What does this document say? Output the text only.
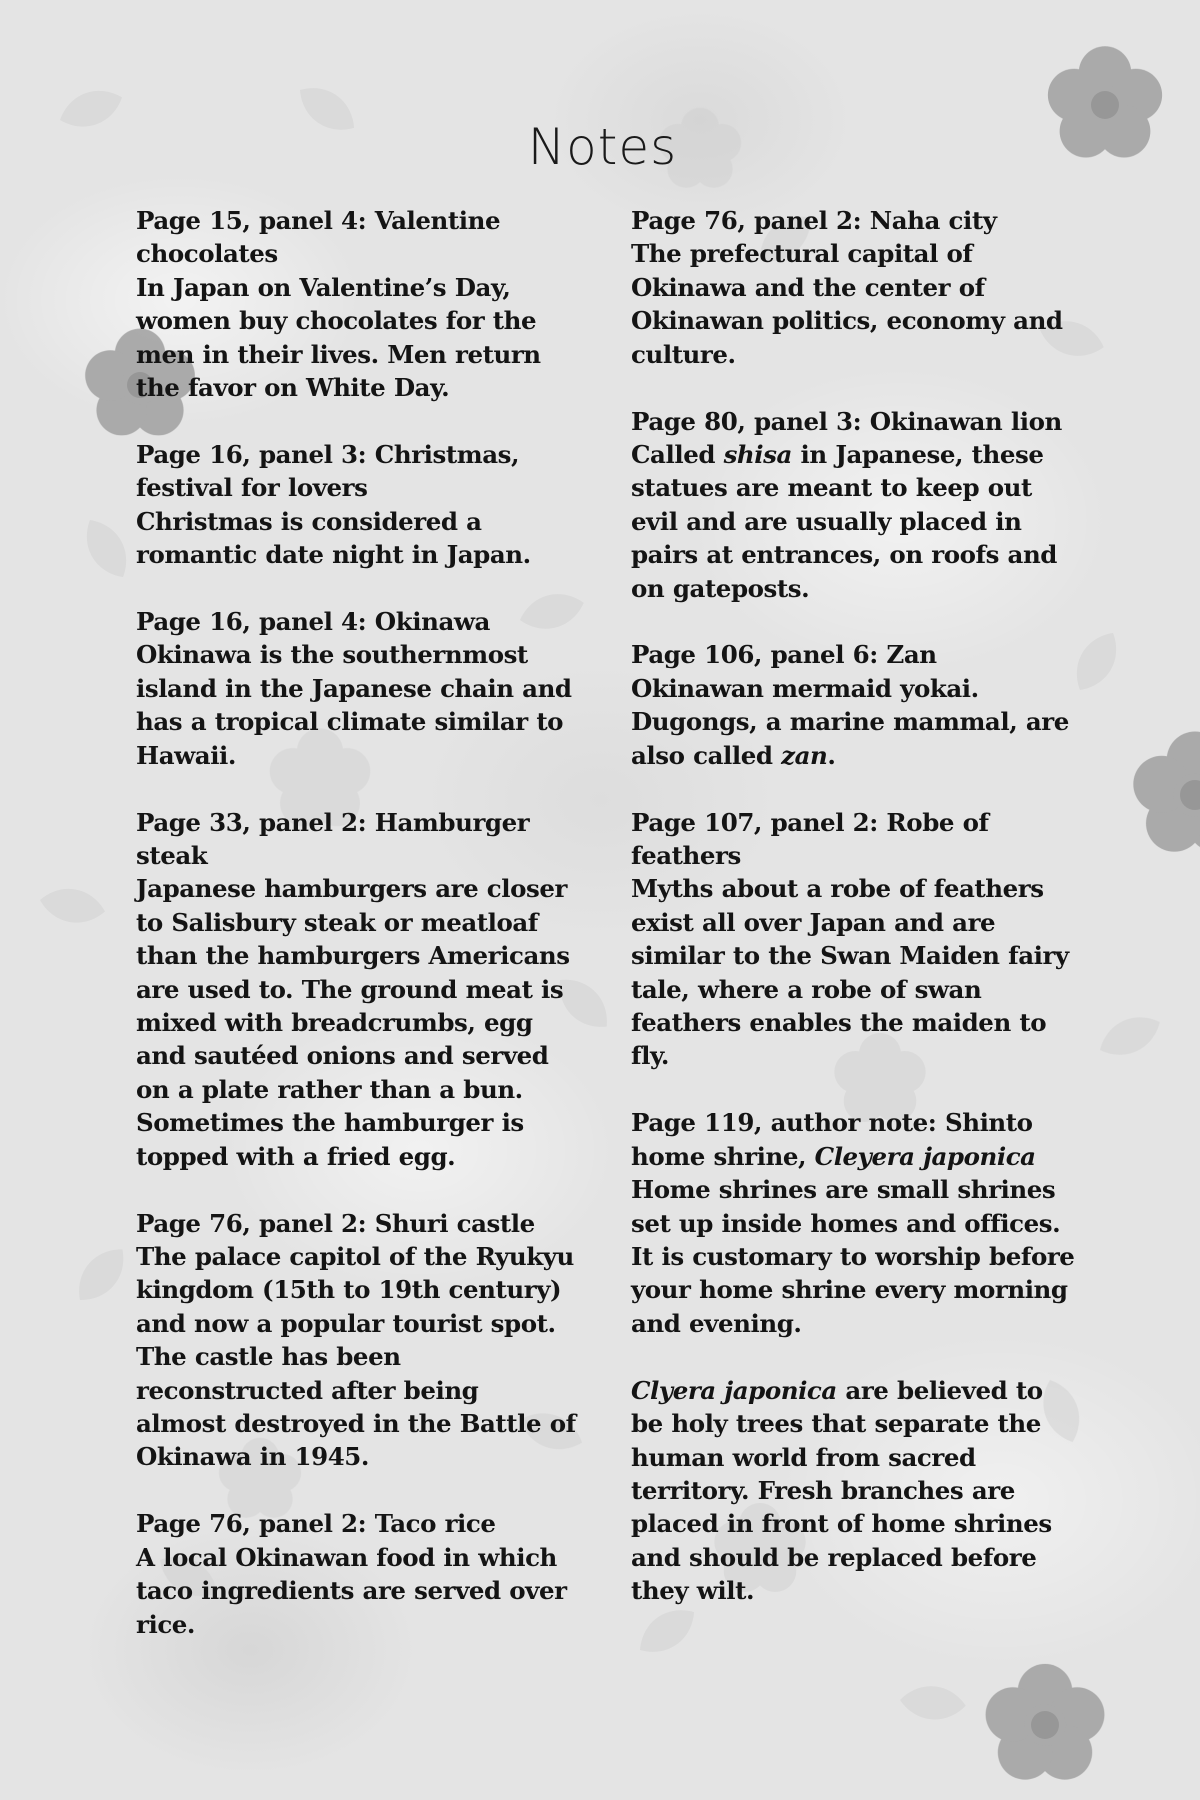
Notes
Page 15, panel 4: Valentine chocolates
In Japan on Valentine’s Day, women buy chocolates for the men in their lives. Men return the favor on White Day.
Page 16, panel 3: Christmas, festival for lovers
Christmas is considered a romantic date night in Japan.
Page 16, panel 4: Okinawa
Okinawa is the southernmost island in the Japanese chain and has a tropical climate similar to Hawaii.
Page 33, panel 2: Hamburger steak
Japanese hamburgers are closer to Salisbury steak or meatloaf than the hamburgers Americans are used to. The ground meat is mixed with breadcrumbs, egg and sautéed onions and served on a plate rather than a bun. Sometimes the hamburger is topped with a fried egg.
Page 76, panel 2: Shuri castle
The palace capitol of the Ryukyu kingdom (15th to 19th century) and now a popular tourist spot. The castle has been reconstructed after being almost destroyed in the Battle of Okinawa in 1945.
Page 76, panel 2: Taco rice
A local Okinawan food in which taco ingredients are served over rice.
Page 76, panel 2: Naha city
The prefectural capital of Okinawa and the center of Okinawan politics, economy and culture.
Page 80, panel 3: Okinawan lion
Called shisa in Japanese, these statues are meant to keep out evil and are usually placed in pairs at entrances, on roofs and on gateposts.
Page 106, panel 6: Zan
Okinawan mermaid yokai. Dugongs, a marine mammal, are also called zan.
Page 107, panel 2: Robe of feathers
Myths about a robe of feathers exist all over Japan and are similar to the Swan Maiden fairy tale, where a robe of swan feathers enables the maiden to fly.
Page 119, author note: Shinto home shrine, Cleyera japonica
Home shrines are small shrines set up inside homes and offices. It is customary to worship before your home shrine every morning and evening.
Clyera japonica are believed to be holy trees that separate the human world from sacred territory. Fresh branches are placed in front of home shrines and should be replaced before they wilt.
